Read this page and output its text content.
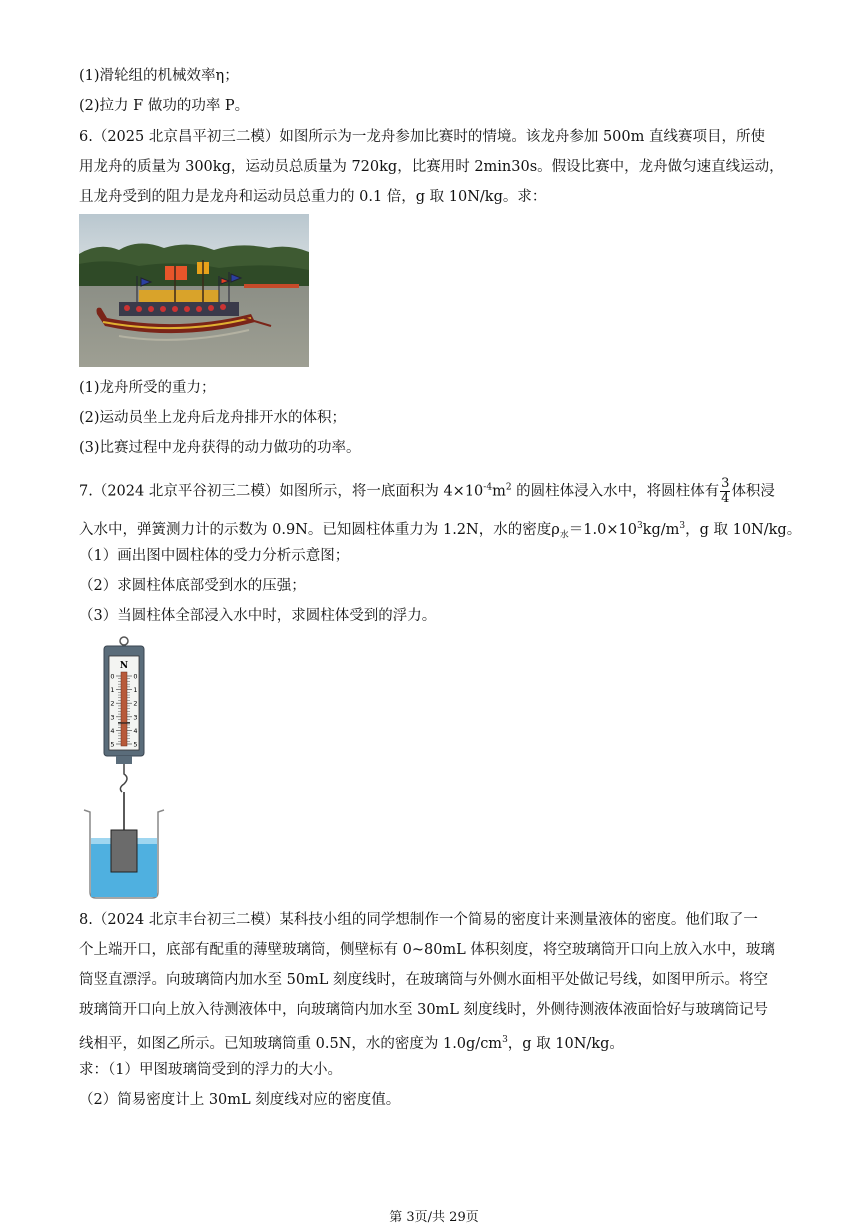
(1)滑轮组的机械效率η；
(2)拉力 F 做功的功率 P。
6.（2025 北京昌平初三二模）如图所示为一龙舟参加比赛时的情境。该龙舟参加 500m 直线赛项目，所使
用龙舟的质量为 300kg，运动员总质量为 720kg，比赛用时 2min30s。假设比赛中，龙舟做匀速直线运动，
且龙舟受到的阻力是龙舟和运动员总重力的 0.1 倍，g 取 10N/kg。求：
(1)龙舟所受的重力；
(2)运动员坐上龙舟后龙舟排开水的体积；
(3)比赛过程中龙舟获得的动力做功的功率。
7.（2024 北京平谷初三二模）如图所示，将一底面积为 $4\times 10^{-4}m^2$ 的圆柱体浸入水中，将圆柱体有 $\frac{3}{4}$ 体积浸
入水中，弹簧测力计的示数为 0.9N。已知圆柱体重力为 1.2N，水的密度$\rho_水=1.0\times 10^3kg/m^3$，g 取 10N/kg。
（1）画出图中圆柱体的受力分析示意图；
（2）求圆柱体底部受到水的压强；
（3）当圆柱体全部浸入水中时，求圆柱体受到的浮力。
N
0
1
2
3
4
5
0
1
2
3
4
5
8.（2024 北京丰台初三二模）某科技小组的同学想制作一个简易的密度计来测量液体的密度。他们取了一
个上端开口，底部有配重的薄壁玻璃筒，侧壁标有 0~80mL 体积刻度，将空玻璃筒开口向上放入水中，玻璃
筒竖直漂浮。向玻璃筒内加水至 50mL 刻度线时，在玻璃筒与外侧水面相平处做记号线，如图甲所示。将空
玻璃筒开口向上放入待测液体中，向玻璃筒内加水至 30mL 刻度线时，外侧待测液体液面恰好与玻璃筒记号
线相平，如图乙所示。已知玻璃筒重 0.5N，水的密度为 $1.0g/cm^3$，g 取 10N/kg。
求：（1）甲图玻璃筒受到的浮力的大小。
（2）简易密度计上 30mL 刻度线对应的密度值。
第 3页/共 29页
